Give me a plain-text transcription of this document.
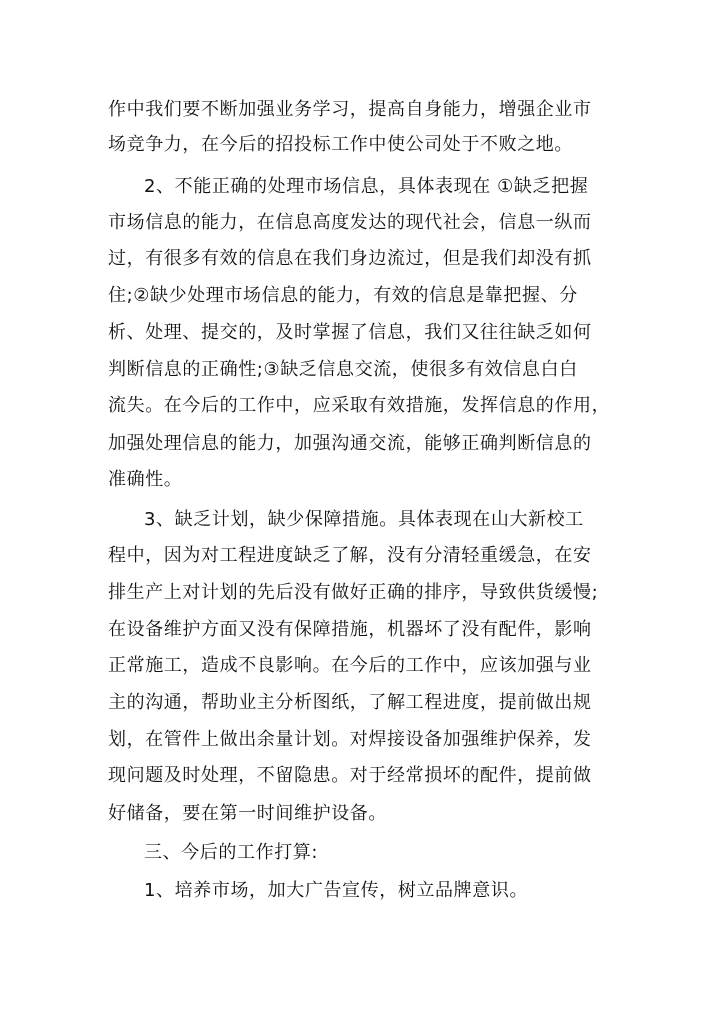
作中我们要不断加强业务学习，提高自身能力，增强企业市
场竞争力，在今后的招投标工作中使公司处于不败之地。
2、不能正确的处理市场信息，具体表现在 ①缺乏把握
市场信息的能力，在信息高度发达的现代社会，信息一纵而
过，有很多有效的信息在我们身边流过，但是我们却没有抓
住;②缺少处理市场信息的能力，有效的信息是靠把握、分
析、处理、提交的，及时掌握了信息，我们又往往缺乏如何
判断信息的正确性;③缺乏信息交流，使很多有效信息白白
流失。在今后的工作中，应采取有效措施，发挥信息的作用，
加强处理信息的能力，加强沟通交流，能够正确判断信息的
准确性。
3、缺乏计划，缺少保障措施。具体表现在山大新校工
程中，因为对工程进度缺乏了解，没有分清轻重缓急，在安
排生产上对计划的先后没有做好正确的排序，导致供货缓慢;
在设备维护方面又没有保障措施，机器坏了没有配件，影响
正常施工，造成不良影响。在今后的工作中，应该加强与业
主的沟通，帮助业主分析图纸，了解工程进度，提前做出规
划，在管件上做出余量计划。对焊接设备加强维护保养，发
现问题及时处理，不留隐患。对于经常损坏的配件，提前做
好储备，要在第一时间维护设备。
三、今后的工作打算:
1、培养市场，加大广告宣传，树立品牌意识。
